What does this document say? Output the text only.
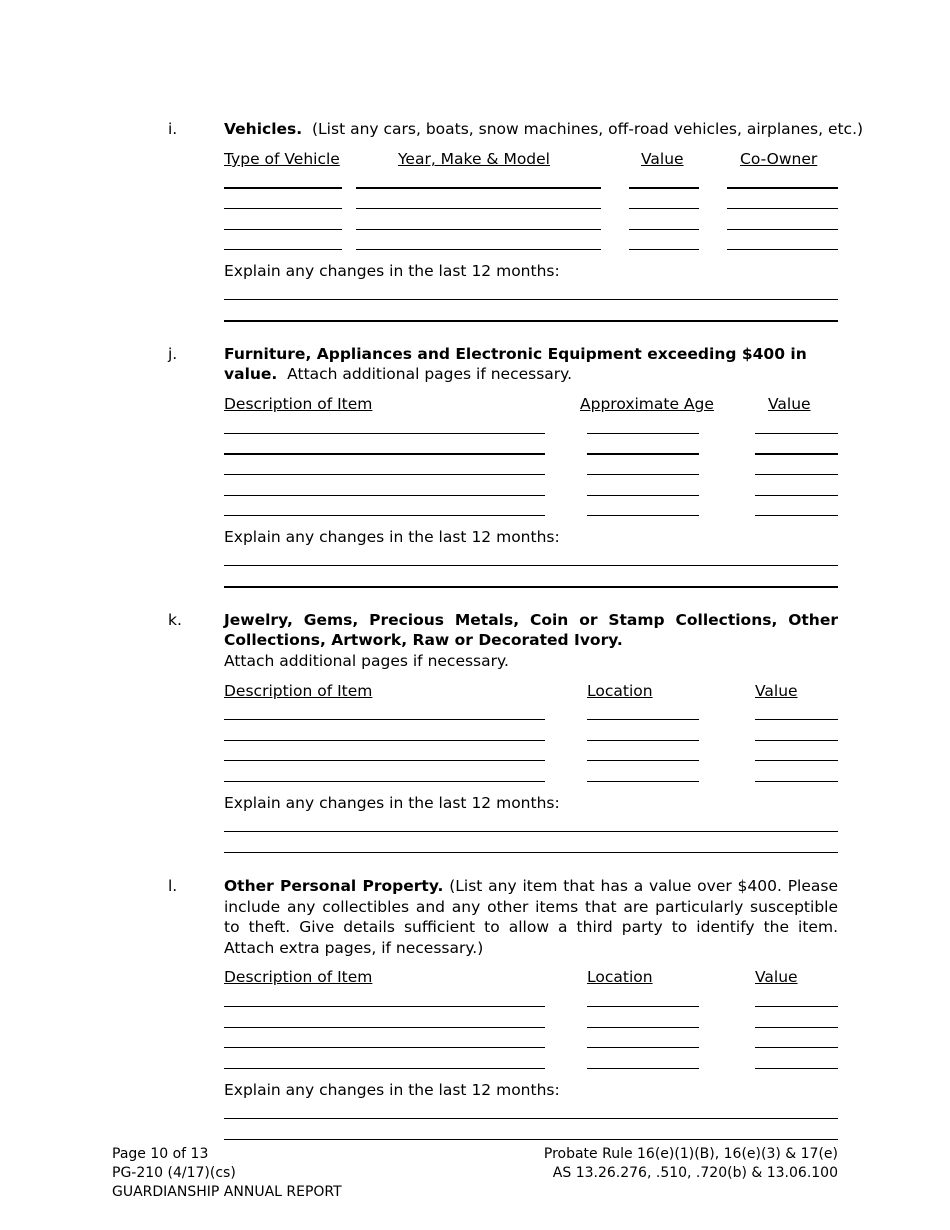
i.	Vehicles. (List any cars, boats, snow machines, off-road vehicles, airplanes, etc.)
Type of Vehicle	Year, Make & Model	Value	Co-Owner
Explain any changes in the last 12 months:
j.	Furniture, Appliances and Electronic Equipment exceeding $400 in
value. Attach additional pages if necessary.
Description of Item	Approximate Age	Value
Explain any changes in the last 12 months:
k.	Jewelry, Gems, Precious Metals, Coin or Stamp Collections, Other
Collections, Artwork, Raw or Decorated Ivory.
Attach additional pages if necessary.
Description of Item	Location	Value
Explain any changes in the last 12 months:
l.	Other Personal Property. (List any item that has a value over $400. Please include any collectibles and any other items that are particularly susceptible to theft. Give details sufficient to allow a third party to identify the item. Attach extra pages, if necessary.)
Description of Item	Location	Value
Explain any changes in the last 12 months:
Page 10 of 13
PG-210 (4/17)(cs)
GUARDIANSHIP ANNUAL REPORT
Probate Rule 16(e)(1)(B), 16(e)(3) & 17(e)
AS 13.26.276, .510, .720(b) & 13.06.100
